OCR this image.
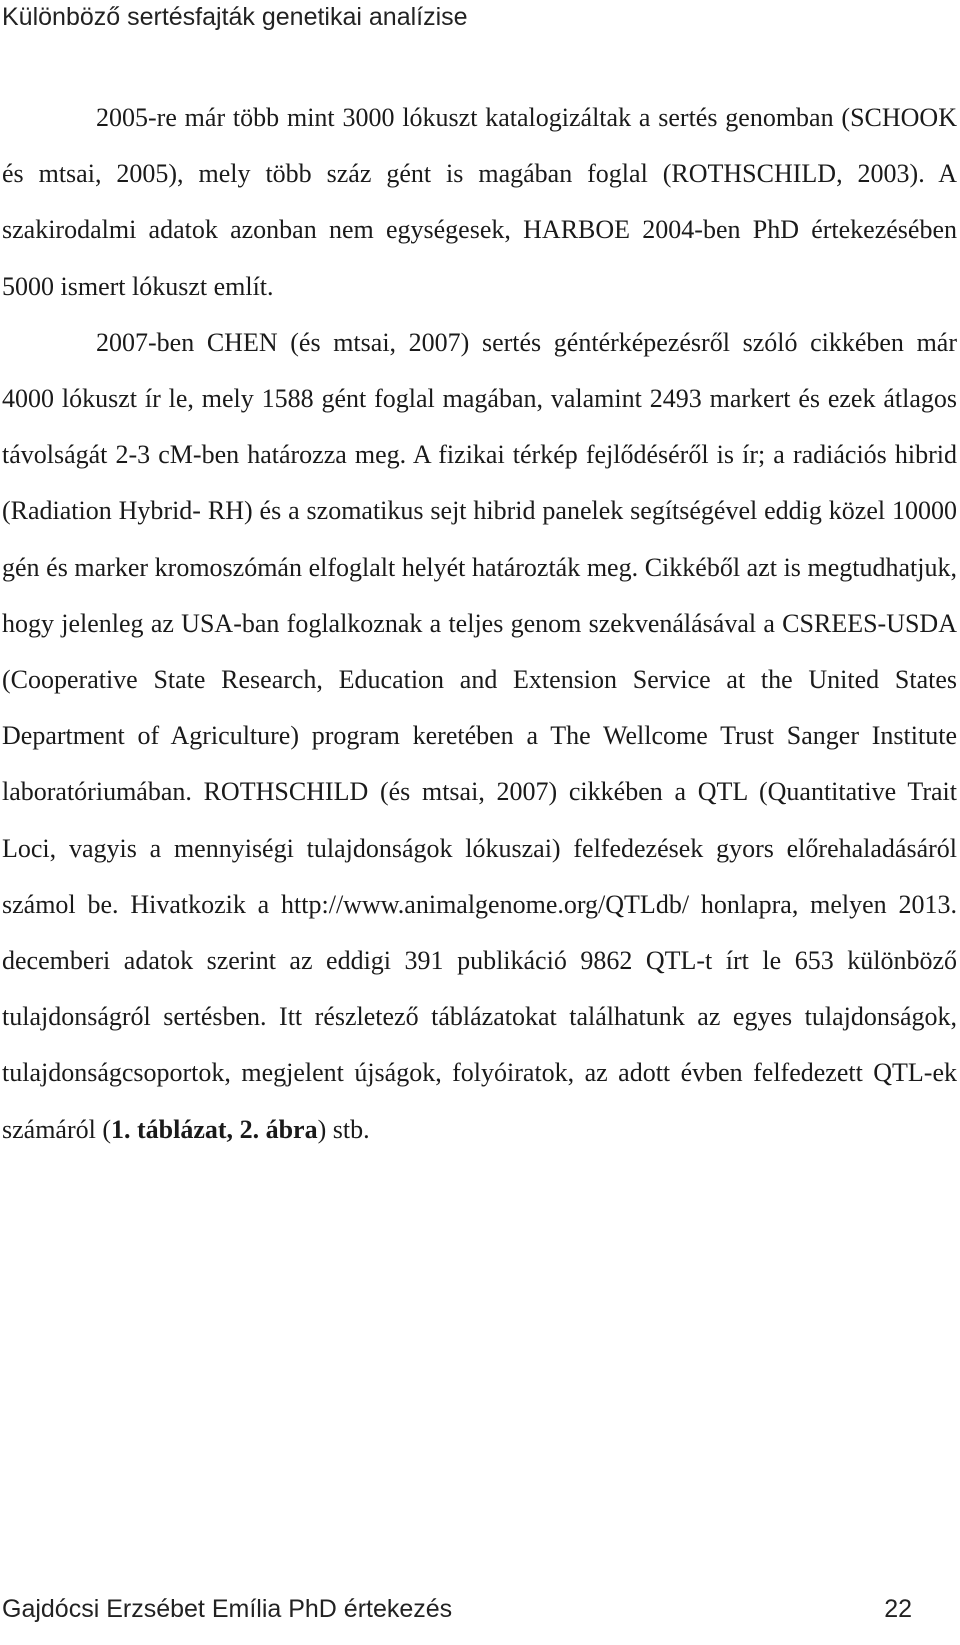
Különböző sertésfajták genetikai analízise

2005-re már több mint 3000 lókuszt katalogizáltak a sertés genomban (SCHOOK és mtsai, 2005), mely több száz gént is magában foglal (ROTHSCHILD, 2003). A szakirodalmi adatok azonban nem egységesek, HARBOE 2004-ben PhD értekezésében 5000 ismert lókuszt említ.

2007-ben CHEN (és mtsai, 2007) sertés géntérképezésről szóló cikkében már 4000 lókuszt ír le, mely 1588 gént foglal magában, valamint 2493 markert és ezek átlagos távolságát 2-3 cM-ben határozza meg. A fizikai térkép fejlődéséről is ír; a radiációs hibrid (Radiation Hybrid- RH) és a szomatikus sejt hibrid panelek segítségével eddig közel 10000 gén és marker kromoszómán elfoglalt helyét határozták meg. Cikkéből azt is megtudhatjuk, hogy jelenleg az USA-ban foglalkoznak a teljes genom szekvenálásával a CSREES-USDA (Cooperative State Research, Education and Extension Service at the United States Department of Agriculture) program keretében a The Wellcome Trust Sanger Institute laboratóriumában. ROTHSCHILD (és mtsai, 2007) cikkében a QTL (Quantitative Trait Loci, vagyis a mennyiségi tulajdonságok lókuszai) felfedezések gyors előrehaladásáról számol be. Hivatkozik a http://www.animalgenome.org/QTLdb/ honlapra, melyen 2013. decemberi adatok szerint az eddigi 391 publikáció 9862 QTL-t írt le 653 különböző tulajdonságról sertésben. Itt részletező táblázatokat találhatunk az egyes tulajdonságok, tulajdonságcsoportok, megjelent újságok, folyóiratok, az adott évben felfedezett QTL-ek számáról (1. táblázat, 2. ábra) stb.

Gajdócsi Erzsébet Emília PhD értekezés	22
